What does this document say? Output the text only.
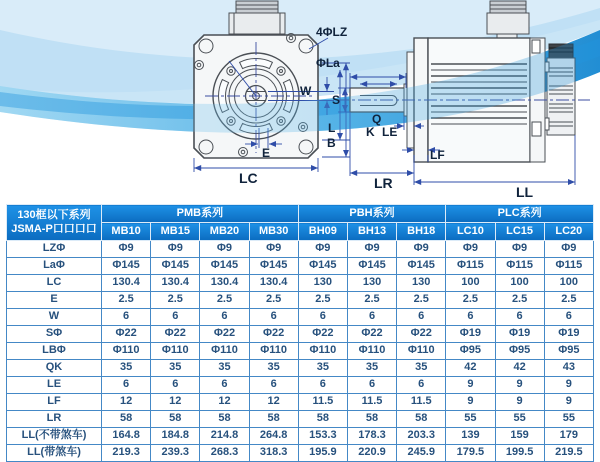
4ΦLZ
ΦLa
W
E
LC
S
Q
K LE
L
B
LF
LR
LL
130框以下系列
JSMA-P口口口口	PMB系列				PBH系列			PLC系列		
	MB10	MB15	MB20	MB30	BH09	BH13	BH18	LC10	LC15	LC20
LZΦ	Φ9	Φ9	Φ9	Φ9	Φ9	Φ9	Φ9	Φ9	Φ9	Φ9
LaΦ	Φ145	Φ145	Φ145	Φ145	Φ145	Φ145	Φ145	Φ115	Φ115	Φ115
LC	130.4	130.4	130.4	130.4	130	130	130	100	100	100
E	2.5	2.5	2.5	2.5	2.5	2.5	2.5	2.5	2.5	2.5
W	6	6	6	6	6	6	6	6	6	6
SΦ	Φ22	Φ22	Φ22	Φ22	Φ22	Φ22	Φ22	Φ19	Φ19	Φ19
LBΦ	Φ110	Φ110	Φ110	Φ110	Φ110	Φ110	Φ110	Φ95	Φ95	Φ95
QK	35	35	35	35	35	35	35	42	42	43
LE	6	6	6	6	6	6	6	9	9	9
LF	12	12	12	12	11.5	11.5	11.5	9	9	9
LR	58	58	58	58	58	58	58	55	55	55
LL(不带煞车)	164.8	184.8	214.8	264.8	153.3	178.3	203.3	139	159	179
LL(带煞车)	219.3	239.3	268.3	318.3	195.9	220.9	245.9	179.5	199.5	219.5
